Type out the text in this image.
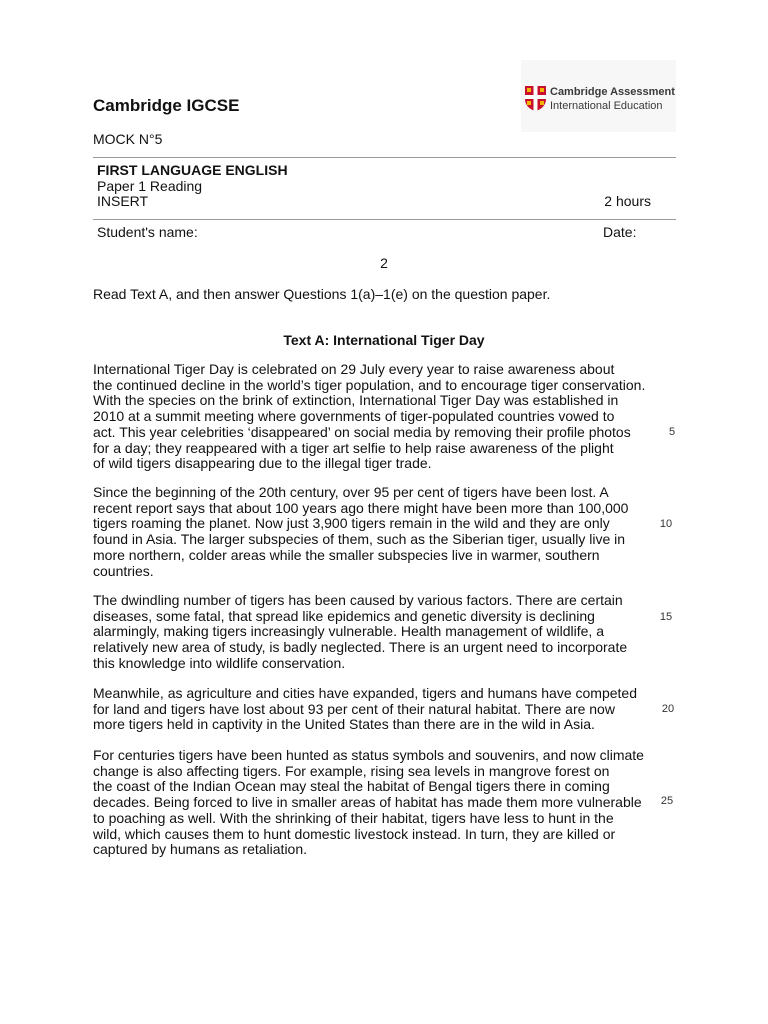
Cambridge IGCSE
Cambridge Assessment
International Education
MOCK N°5
FIRST LANGUAGE ENGLISH
Paper 1 Reading
INSERT	2 hours
Student's name:	Date:
2
Read Text A, and then answer Questions 1(a)–1(e) on the question paper.
Text A: International Tiger Day
International Tiger Day is celebrated on 29 July every year to raise awareness about
the continued decline in the world’s tiger population, and to encourage tiger conservation.
With the species on the brink of extinction, International Tiger Day was established in
2010 at a summit meeting where governments of tiger-populated countries vowed to
act. This year celebrities ‘disappeared’ on social media by removing their profile photos
for a day; they reappeared with a tiger art selfie to help raise awareness of the plight
of wild tigers disappearing due to the illegal tiger trade.
Since the beginning of the 20th century, over 95 per cent of tigers have been lost. A
recent report says that about 100 years ago there might have been more than 100,000
tigers roaming the planet. Now just 3,900 tigers remain in the wild and they are only
found in Asia. The larger subspecies of them, such as the Siberian tiger, usually live in
more northern, colder areas while the smaller subspecies live in warmer, southern
countries.
The dwindling number of tigers has been caused by various factors. There are certain
diseases, some fatal, that spread like epidemics and genetic diversity is declining
alarmingly, making tigers increasingly vulnerable. Health management of wildlife, a
relatively new area of study, is badly neglected. There is an urgent need to incorporate
this knowledge into wildlife conservation.
Meanwhile, as agriculture and cities have expanded, tigers and humans have competed
for land and tigers have lost about 93 per cent of their natural habitat. There are now
more tigers held in captivity in the United States than there are in the wild in Asia.
For centuries tigers have been hunted as status symbols and souvenirs, and now climate
change is also affecting tigers. For example, rising sea levels in mangrove forest on
the coast of the Indian Ocean may steal the habitat of Bengal tigers there in coming
decades. Being forced to live in smaller areas of habitat has made them more vulnerable
to poaching as well. With the shrinking of their habitat, tigers have less to hunt in the
wild, which causes them to hunt domestic livestock instead. In turn, they are killed or
captured by humans as retaliation.
5
10
15
20
25
